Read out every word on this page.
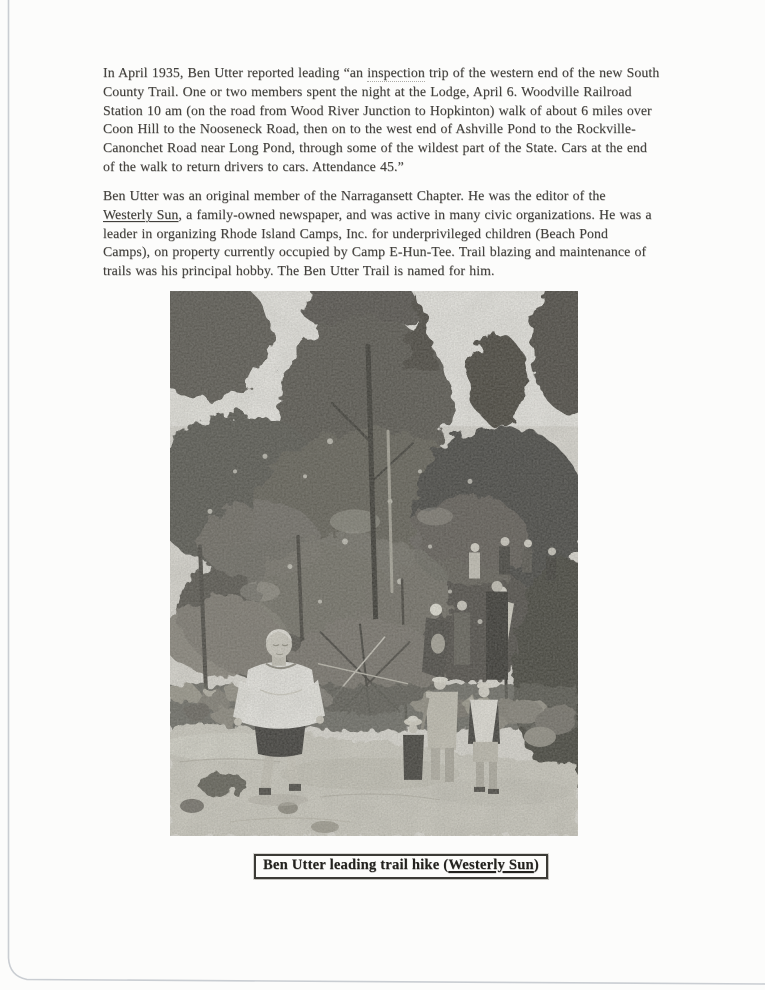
In April 1935, Ben Utter reported leading “an inspection trip of the western end of the new South
County Trail. One or two members spent the night at the Lodge, April 6. Woodville Railroad
Station 10 am (on the road from Wood River Junction to Hopkinton) walk of about 6 miles over
Coon Hill to the Nooseneck Road, then on to the west end of Ashville Pond to the Rockville-
Canonchet Road near Long Pond, through some of the wildest part of the State. Cars at the end
of the walk to return drivers to cars. Attendance 45.”
Ben Utter was an original member of the Narragansett Chapter. He was the editor of the
Westerly Sun, a family-owned newspaper, and was active in many civic organizations. He was a
leader in organizing Rhode Island Camps, Inc. for underprivileged children (Beach Pond
Camps), on property currently occupied by Camp E-Hun-Tee. Trail blazing and maintenance of
trails was his principal hobby. The Ben Utter Trail is named for him.
Ben Utter leading trail hike (Westerly Sun)
